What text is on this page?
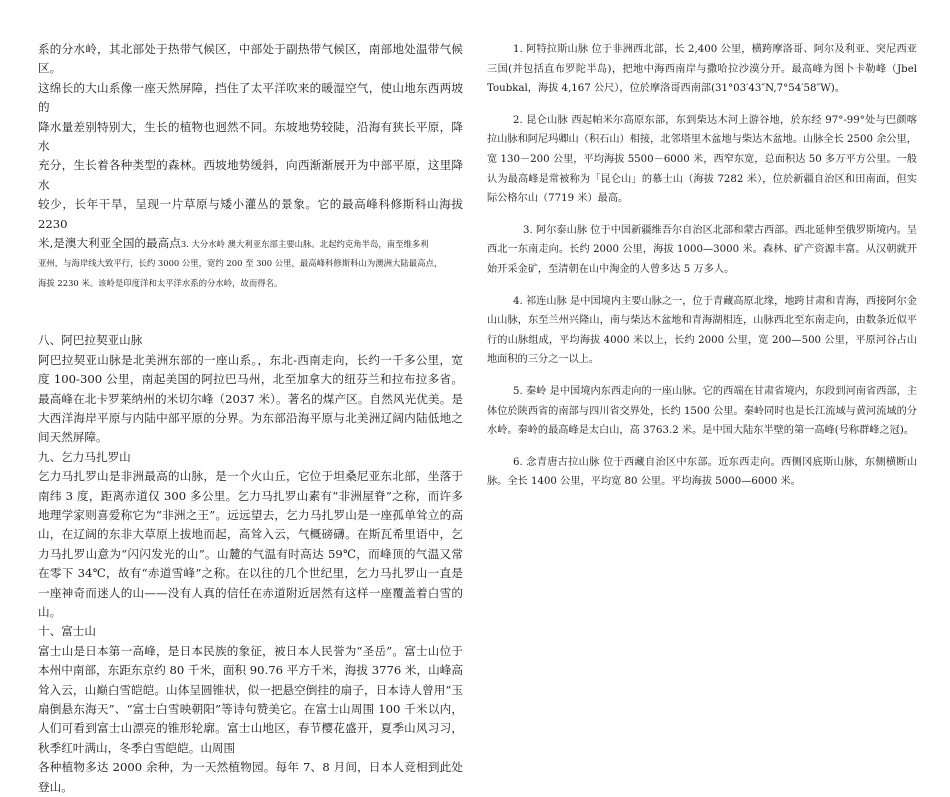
系的分水岭，其北部处于热带气候区，中部处于副热带气候区，南部地处温带气候区。

这绵长的大山系像一座天然屏障，挡住了太平洋吹来的暖湿空气，使山地东西两坡的

降水量差别特别大，生长的植物也迥然不同。东坡地势较陡，沿海有狭长平原，降水

充分，生长着各种类型的森林。西坡地势缓斜，向西渐渐展开为中部平原，这里降水

较少，长年干旱，呈现一片草原与矮小灌丛的景象。它的最高峰科修斯科山海拔 2230

米,是澳大利亚全国的最高点3. 大分水岭 澳大利亚东部主要山脉。北起约克角半岛，南至维多利

亚州，与海岸线大致平行，长约 3000 公里，宽约 200 至 300 公里，最高峰科修斯科山为澳洲大陆最高点，

海拔 2230 米。该岭是印度洋和太平洋水系的分水岭，故而得名。

八、阿巴拉契亚山脉

阿巴拉契亚山脉是北美洲东部的一座山系。，东北-西南走向，长约一千多公里，宽度 100-300 公里，南起美国的阿拉巴马州，北至加拿大的纽芬兰和拉布拉多省。最高峰在北卡罗莱纳州的米切尔峰（2037 米）。著名的煤产区。自然风光优美。是大西洋海岸平原与内陆中部平原的分界。为东部沿海平原与北美洲辽阔内陆低地之间天然屏障。

九、乞力马扎罗山

乞力马扎罗山是非洲最高的山脉，是一个火山丘，它位于坦桑尼亚东北部，坐落于南纬 3 度，距离赤道仅 300 多公里。乞力马扎罗山素有“非洲屋脊”之称，而许多地理学家则喜爱称它为“非洲之王”。远远望去，乞力马扎罗山是一座孤单耸立的高山，在辽阔的东非大草原上拔地而起，高耸入云，气概磅礴。在斯瓦希里语中，乞力马扎罗山意为“闪闪发光的山”。山麓的气温有时高达 59℃，而峰顶的气温又常在零下 34℃，故有“赤道雪峰”之称。在以往的几个世纪里，乞力马扎罗山一直是一座神奇而迷人的山——没有人真的信任在赤道附近居然有这样一座覆盖着白雪的山。

十、富士山

富士山是日本第一高峰，是日本民族的象征，被日本人民誉为“圣岳”。富士山位于本州中南部，东距东京约 80 千米，面积 90.76 平方千米，海拔 3776 米，山峰高耸入云，山巅白雪皑皑。山体呈圆锥状，似一把悬空倒挂的扇子，日本诗人曾用“玉扇倒悬东海天”、“富士白雪映朝阳”等诗句赞美它。在富士山周围 100 千米以内，人们可看到富士山漂亮的锥形轮廓。富士山地区，春节樱花盛开，夏季山风习习，秋季红叶满山，冬季白雪皑皑。山周围

各种植物多达 2000 余种，为一天然植物园。每年 7、8 月间，日本人竞相到此处登山。

1. 阿特拉斯山脉 位于非洲西北部，长 2,400 公里，横跨摩洛哥、阿尔及利亚、突尼西亚三国(并包括直布罗陀半岛)，把地中海西南岸与撒哈拉沙漠分开。最高峰为图卜卡勒峰（Jbel Toubkal，海拔 4,167 公尺），位於摩洛哥西南部(31°03′43″N,7°54′58″W)。

2. 昆仑山脉 西起帕米尔高原东部，东到柴达木河上游谷地，於东经 97°-99°处与巴颜喀拉山脉和阿尼玛卿山（积石山）相接，北邻塔里木盆地与柴达木盆地。山脉全长 2500 余公里，宽 130－200 公里，平均海拔 5500－6000 米，西窄东宽，总面积达 50 多万平方公里。一般认为最高峰是常被称为「昆仑山」的慕士山（海拔 7282 米），位於新疆自治区和田南面，但实际公格尔山（7719 米）最高。

3. 阿尔泰山脉 位于中国新疆维吾尔自治区北部和蒙古西部。西北延伸至俄罗斯境内。呈西北一东南走向。长约 2000 公里，海拔 1000—3000 米。森林、矿产资源丰富。从汉朝就开始开采金矿，至清朝在山中淘金的人曾多达 5 万多人。

4. 祁连山脉 是中国境内主要山脉之一，位于青藏高原北缘，地跨甘肃和青海，西接阿尔金山山脉，东至兰州兴隆山，南与柴达木盆地和青海湖相连，山脉西北至东南走向，由数条近似平行的山脉组成，平均海拔 4000 米以上，长约 2000 公里，宽 200—500 公里，平原河谷占山地面积的三分之一以上。

5. 秦岭 是中国境内东西走向的一座山脉。它的西端在甘肃省境内，东段到河南省西部，主体位於陕西省的南部与四川省交界处，长约 1500 公里。秦岭同时也是长江流域与黄河流域的分水岭。秦岭的最高峰是太白山，高 3763.2 米。是中国大陆东半壁的第一高峰(号称群峰之冠)。

6. 念青唐古拉山脉 位于西藏自治区中东部。近东西走向。西侧冈底斯山脉，东侧横断山脉。全长 1400 公里，平均宽 80 公里。平均海拔 5000—6000 米。
